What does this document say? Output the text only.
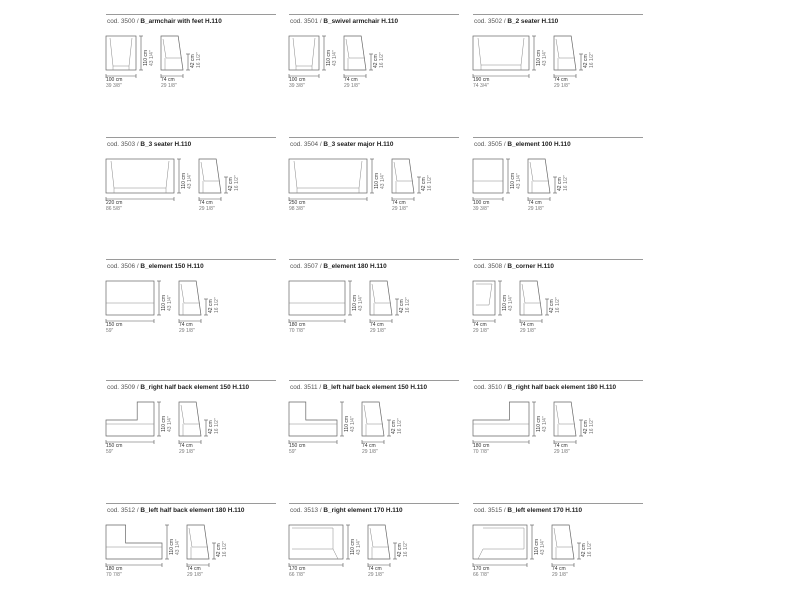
cod. 3500 / B_armchair with feet H.110
100 cm
39 3/8"
110 cm 43 1/4"
74 cm
29 1/8"
42 cm 16 1/2"
cod. 3501 / B_swivel armchair H.110
100 cm
39 3/8"
110 cm 43 1/4"
74 cm
29 1/8"
42 cm 16 1/2"
cod. 3502 / B_2 seater H.110
190 cm
74 3/4"
110 cm 43 1/4"
74 cm
29 1/8"
42 cm 16 1/2"
cod. 3503 / B_3 seater H.110
220 cm
86 5/8"
110 cm 43 1/4"
74 cm
29 1/8"
42 cm 16 1/2"
cod. 3504 / B_3 seater major H.110
250 cm
98 3/8"
110 cm 43 1/4"
74 cm
29 1/8"
42 cm 16 1/2"
cod. 3505 / B_element 100 H.110
100 cm
39 3/8"
110 cm 43 1/4"
74 cm
29 1/8"
42 cm 16 1/2"
cod. 3506 / B_element 150 H.110
150 cm
59"
110 cm 43 1/4"
74 cm
29 1/8"
42 cm 16 1/2"
cod. 3507 / B_element 180 H.110
180 cm
70 7/8"
110 cm 43 1/4"
74 cm
29 1/8"
42 cm 16 1/2"
cod. 3508 / B_corner H.110
74 cm
29 1/8"
110 cm 43 1/4"
74 cm
29 1/8"
42 cm 16 1/2"
cod. 3509 / B_right half back element 150 H.110
150 cm
59"
110 cm 43 1/4"
74 cm
29 1/8"
42 cm 16 1/2"
cod. 3511 / B_left half back element 150 H.110
150 cm
59"
110 cm 43 1/4"
74 cm
29 1/8"
42 cm 16 1/2"
cod. 3510 / B_right half back element 180 H.110
180 cm
70 7/8"
110 cm 43 1/4"
74 cm
29 1/8"
42 cm 16 1/2"
cod. 3512 / B_left half back element 180 H.110
180 cm
70 7/8"
110 cm 43 1/4"
74 cm
29 1/8"
42 cm 16 1/2"
cod. 3513 / B_right element 170 H.110
170 cm
66 7/8"
110 cm 43 1/4"
74 cm
29 1/8"
42 cm 16 1/2"
cod. 3515 / B_left element 170 H.110
170 cm
66 7/8"
110 cm 43 1/4"
74 cm
29 1/8"
42 cm 16 1/2"
